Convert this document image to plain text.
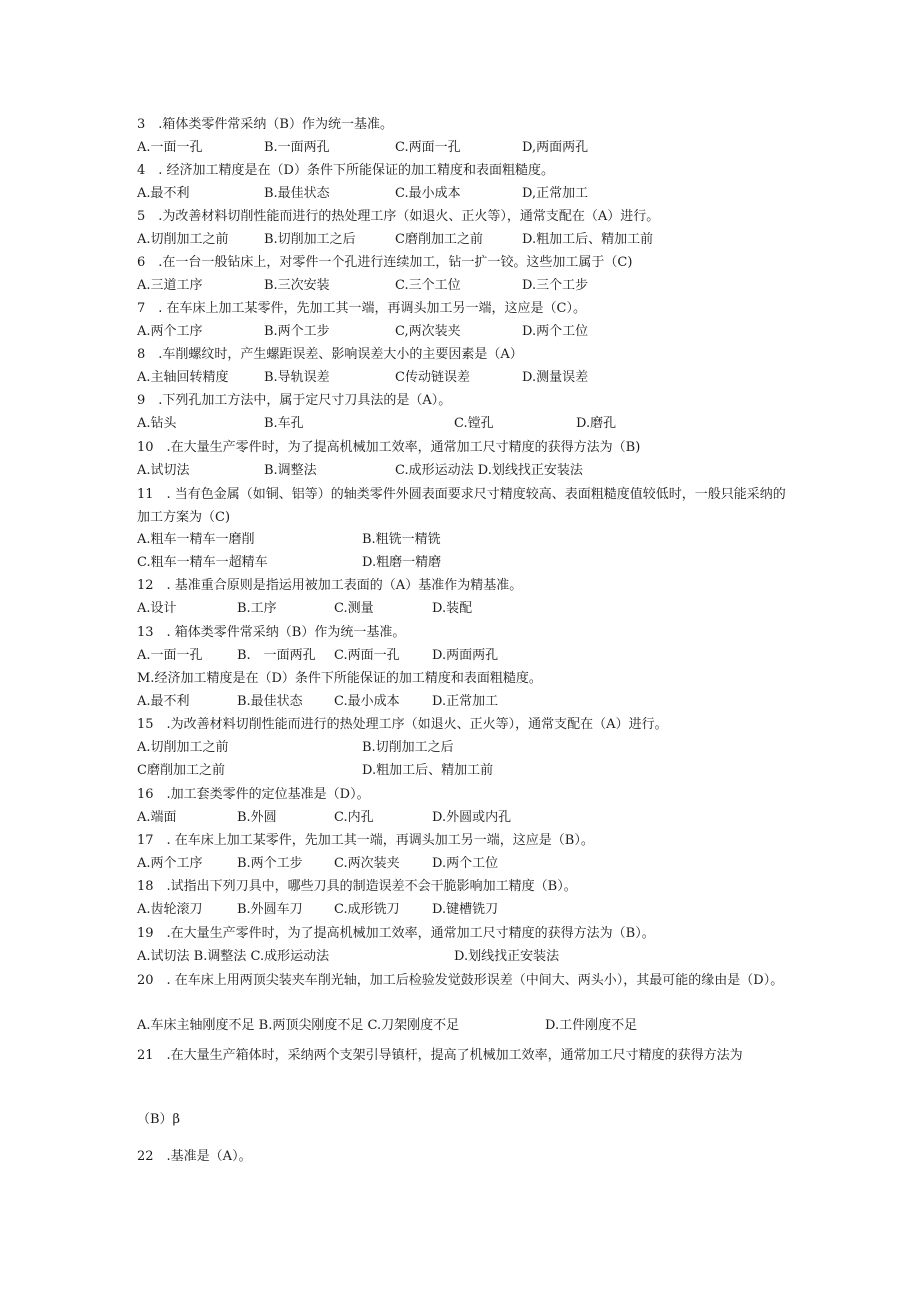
3　.箱体类零件常采纳（B）作为统一基准。
A.一面一孔	B.一面两孔	C.两面一孔	D,两面两孔
4　. 经济加工精度是在（D）条件下所能保证的加工精度和表面粗糙度。
A.最不利	B.最佳状态	C.最小成本	D,正常加工
5　.为改善材料切削性能而进行的热处理工序（如退火、正火等），通常支配在（A）进行。
A.切削加工之前	B.切削加工之后	C磨削加工之前	D.粗加工后、精加工前
6　.在一台一般钻床上，对零件一个孔进行连续加工，钻一扩一铰。这些加工属于（C)
A.三道工序	B.三次安装	C.三个工位	D.三个工步
7　. 在车床上加工某零件，先加工其一端，再调头加工另一端，这应是（C）。
A.两个工序	B.两个工步	C,两次装夹	D.两个工位
8　.车削螺纹时，产生螺距误差、影响误差大小的主要因素是（A）
A.主轴回转精度	B.导轨误差	C传动链误差	D.测量误差
9　.下列孔加工方法中，属于定尺寸刀具法的是（A）。
A.钻头	B.车孔	C.镗孔	D.磨孔
10　.在大量生产零件时，为了提高机械加工效率，通常加工尺寸精度的获得方法为（B)
A.试切法	B.调整法	C.成形运动法 D.划线找正安装法
11　. 当有色金属（如铜、铝等）的轴类零件外圆表面要求尺寸精度较高、表面粗糙度值较低时，一般只能采纳的加工方案为（C)
A.粗车一精车一磨削	B.粗铣一精铣
C.粗车一精车一超精车	D.粗磨一精磨
12　. 基准重合原则是指运用被加工表面的（A）基准作为精基准。
A.设计	B.工序	C.测量	D.装配
13　. 箱体类零件常采纳（B）作为统一基准。
A.一面一孔	B.　一面两孔 C.两面一孔 D.两面两孔
M.经济加工精度是在（D）条件下所能保证的加工精度和表面粗糙度。
A.最不利	B.最佳状态 C.最小成本 D.正常加工
15　.为改善材料切削性能而进行的热处理工序（如退火、正火等），通常支配在（A）进行。
A.切削加工之前	B.切削加工之后
C磨削加工之前	D.粗加工后、精加工前
16　.加工套类零件的定位基准是（D）。
A.端面	B.外圆	C.内孔	D.外圆或内孔
17　. 在车床上加工某零件，先加工其一端，再调头加工另一端，这应是（B）。
A.两个工序	B.两个工步 C.两次装夹 D.两个工位
18　.试指出下列刀具中，哪些刀具的制造误差不会干脆影响加工精度（B）。
A.齿轮滚刀	B.外圆车刀 C.成形铣刀 D.键槽铣刀
19　.在大量生产零件时，为了提高机械加工效率，通常加工尺寸精度的获得方法为（B）。
A.试切法 B.调整法 C.成形运动法	D.划线找正安装法
20　. 在车床上用两顶尖装夹车削光轴，加工后检验发觉鼓形误差（中间大、两头小），其最可能的缘由是（D）。
A.车床主轴刚度不足 B.两顶尖刚度不足 C.刀架刚度不足	D.工件刚度不足
21　.在大量生产箱体时，采纳两个支架引导镇杆，提高了机械加工效率，通常加工尺寸精度的获得方法为
（B）β
22　.基准是（A）。
